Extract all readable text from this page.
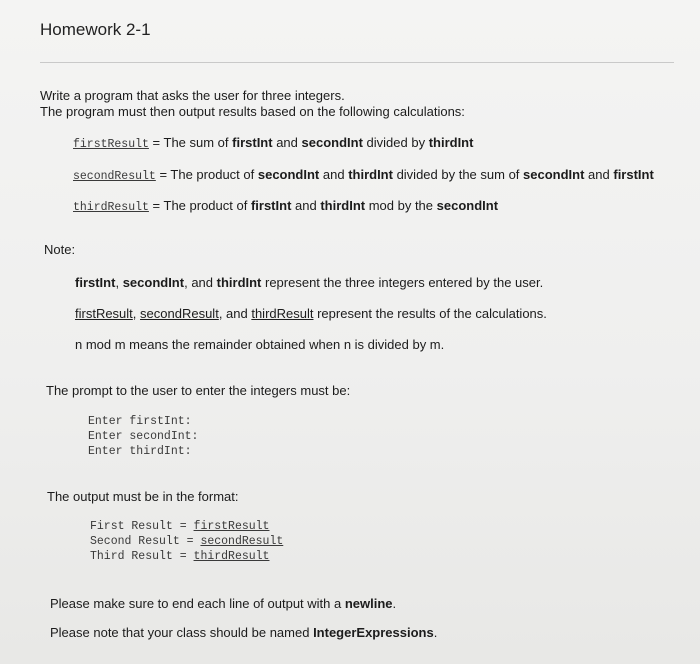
Homework 2-1
Write a program that asks the user for three integers.
The program must then output results based on the following calculations:
firstResult = The sum of firstInt and secondInt divided by thirdInt
secondResult = The product of secondInt and thirdInt divided by the sum of secondInt and firstInt
thirdResult = The product of firstInt and thirdInt mod by the secondInt
Note:
firstInt, secondInt, and thirdInt represent the three integers entered by the user.
firstResult, secondResult, and thirdResult represent the results of the calculations.
n mod m means the remainder obtained when n is divided by m.
The prompt to the user to enter the integers must be:
Enter firstInt:
Enter secondInt:
Enter thirdInt:
The output must be in the format:
First Result = firstResult
Second Result = secondResult
Third Result = thirdResult
Please make sure to end each line of output with a newline.
Please note that your class should be named IntegerExpressions.
